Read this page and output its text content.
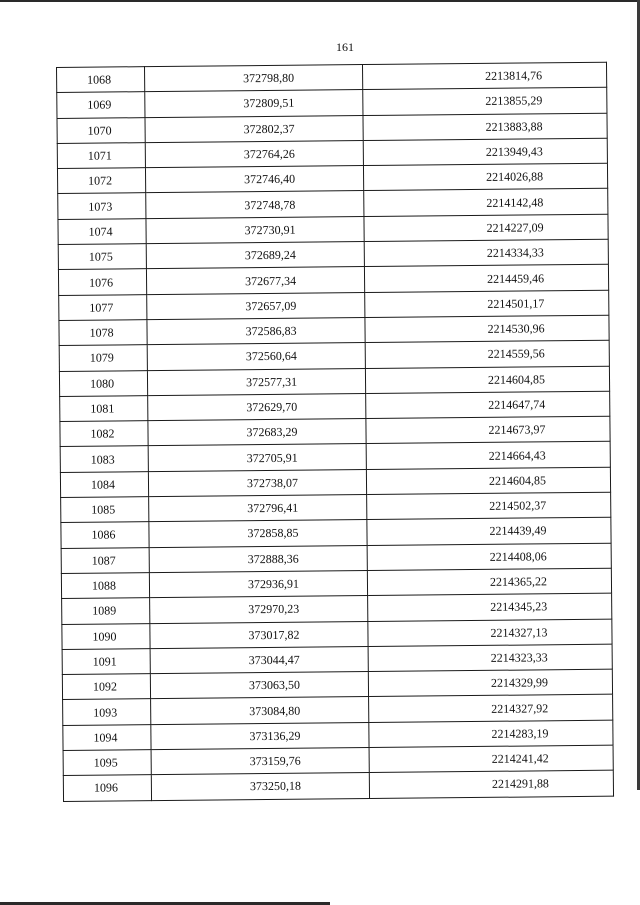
161
1068	372798,80	2213814,76
1069	372809,51	2213855,29
1070	372802,37	2213883,88
1071	372764,26	2213949,43
1072	372746,40	2214026,88
1073	372748,78	2214142,48
1074	372730,91	2214227,09
1075	372689,24	2214334,33
1076	372677,34	2214459,46
1077	372657,09	2214501,17
1078	372586,83	2214530,96
1079	372560,64	2214559,56
1080	372577,31	2214604,85
1081	372629,70	2214647,74
1082	372683,29	2214673,97
1083	372705,91	2214664,43
1084	372738,07	2214604,85
1085	372796,41	2214502,37
1086	372858,85	2214439,49
1087	372888,36	2214408,06
1088	372936,91	2214365,22
1089	372970,23	2214345,23
1090	373017,82	2214327,13
1091	373044,47	2214323,33
1092	373063,50	2214329,99
1093	373084,80	2214327,92
1094	373136,29	2214283,19
1095	373159,76	2214241,42
1096	373250,18	2214291,88
